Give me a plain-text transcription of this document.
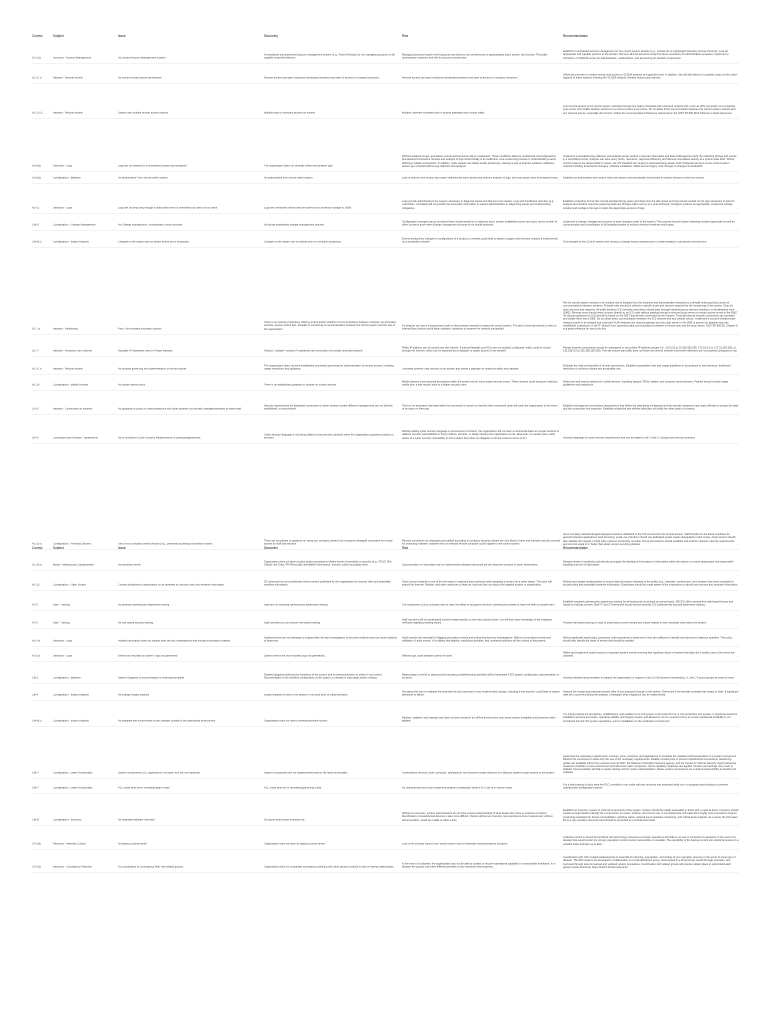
Control	Subject	Issue	Discovery	Risk	Recommendation
AC-2(1)	Accounts - Account Management	No Central Account Management System
A centralized and authorized account management system (e.g., Active Directory) is not managing accounts on all capable networked devices.
Managing local and system level accounts can become too cumbersome to appropriately audit, secure, and monitor. This adds unnecessary exposure and risk for account compromise.
Establish a centralized account management for the control system devices (e.g., include AD or Lightweight Directory Access Protocol). Lock all appropriate and capable systems to the domain. Remove all local accounts except for those necessary for administrative purposes. Implement a TACACS+ or RADIUS server for authentication, authorization, and accounting for network components.
AC-17.a	Network - Remote Access	No secure remote access architecture	Remote access can grant malicious individuals persistent and ease of access to company resources.	Remote access can grant malicious individuals persistent and ease of access to company resources.
Utilize jump servers to restrict remote and access to SCADA systems at a granular level. In addition, this will also allow for complete control of the cyber-hygiene of these systems entering the SCADA network, thereby reduce jump servers.
AC-17(1)	Network - Remote Access	System has multiple remote access options	Multiple ways to remotely access the system	Multiple channels increases both in access pathways and monitor traffic.
Limit remote access to the control system networks through one highly controlled and monitored network path, such as VPN connection to a corporate jump server and enable desktop sessions to a control system jump server. Do not allow direct communication between the control system network and any external source, especially the Internet. Follow the recommended architecture referenced in the NIST SP 800-82r3 Defense in depth document.
AU-6(3)	Detection - Logs	Logs are not retained in a centralized location and analyzed.	The organization does not centrally collect and analyze logs
Without analysis of logs, anomalous events and intrusions will go undetected. These conditions allow for undetected misconfigurations and advanced intrusions. Review and analysis of logs stored locally is an ineffective, time-consuming process in understanding events affecting multiple components. In addition, cyber attacks can delete locally stored logs, causing a loss of forensic evidence. Malicious actions go unnoticed without log collection and analysis.
Implement a centralized log collection and analysis server (and/or a Security Information and Event Management tool). By collecting all logs and events in a centralized server, analysts can save many hours, resources, response efficiency, and discover anomalous activity at a system-wide level. Where control systems are deterministic in nature, the OS standard can simply be observed being aware of all configured services on the control system network including all accounts changes, software installation, failed account logins, and changes to changes to bandwidth.
AU-8(1)	Configuration - Baseline	No Authoritative Time Source within system.	No authoritative time source within system.	Lack of uniform time source can create inefficiencies when performing forensic analysis of logs, and may cause other time-based issues.	Establish an authoritative time source within the system and periodically synchronize all system devices to that time source.
AU-11	Detection - Logs	Logs are not kept long enough or data within them is overwritten too fast to be of value	Logs are overwritten before they are saved to an off-device storage or SIEM
Logs provide administrators the support necessary to diagnose issues and discover root causes. Logs with insufficient retention (e.g., overwritten, truncated) will not provide the necessary information to support administrators in diagnosing issues and implementing mitigations.
Establish a baseline of how fast normal activities fill log space and determine the disk space and time period needed on the logs necessary to perform analysis and incident response (typical periods are 90 days online and up to 1 year archived). Configure systems as appropriate. Implement storage solution and configure the logs to retain the appropriate amount of logs.
CM-3*	Configuration - Change Management	No Change management / configuration control process	No formal established change management process.
Configuration changes can go unnoticed when implemented by a malicious actor, system availability issues can occur, and a number of other concerns arise when change management process is not strictly enforced.
Implement a change management process to track changes made to the system. This process should include obtaining recipient approvals as well as communication and coordination of all impacted parties to enforce retention timelines and impact.
CM-4(1)	Configuration - Impact Analysis	Changes to the system are not tested before put in production	Changes to the system are not tested prior to running in production.
Events arising from changes to configuration of a product or network could lead to system outages and recovery impacts if implemented on a production network.	Test changes to the SCADA system and conduct a change impact analysis prior to implementation in production environment.
SC-7.a	Network - Partitioning	Poor / Non-existent boundary controls
There is no network protections offering control and/or visibility of communications between networks. No boundary controls, access control lists, firewalls or monitoring of communications between the control system and the rest of the organization.
An attacker can use a compromised node on the business network to exploit the control system. The lack of internal network to with no internal flow controls would allow malware / attackers to traverse the network unimpeded.
Put the control system network in an enclave that is isolated from the business and administrative networks by a firewall enforcing strict control of communications between systems. Firewall rules should be refined to specific hosts and services required for the functioning of the system. Drop all other services and requests. All traffic between ICS networks and others should pass through hardened proxy devices residing in a demilitarized zone (DMZ). Remote users should never connect directly to an ICS node without passing through a secured jump server or remote access server in the DMZ. All security guidance for ICS should be based on the NIST and directly connected via the Internet. Treat all external network connections as untrusted and isolate them into a DMZ. Do not allow direct communication between the ICS network and any outside source. Implement a secured virtual private network tunnel or an isolated and protected VLAN between the network gateway and the jump server in the DMZ to prevent an attacker who has established a presence on the IT network from accessing data communications between a remote user and the jump server. NIST SP 800-82, Chapter 6, is a great reference for how to do this.
SC-7*	Network - Protection from Internet	Routable IP Addresses used in Private Network	Publicly "routable" network IP addresses are used within the private (internal) network.
Public IP address can be routed over the Internet. If internal firewalls and ACLs are not properly configured, traffic could be routed through the Internet, which can be exploited by an attacker to obtain access to the network.
Private network components should be reassigned to use private IP address ranges (i.e., 10.0.0.0 to 10.255.255.255, 172.16.0.0 to 172.31.255.255, or 192.168.0.0 to 192.168.255.255). This will ensure that traffic does not leave the internal network if perimeter defenses are not properly configured or fail.
AC-17.a	Network - Remote Access	No process governing the implementation of remote access
The organization does not have established processes governing the implementation of remote access, including usage restrictions and guidance.	Untrusted systems may connect to the system and create a pathway for malicious traffic and malware.
Evaluate the risks and benefits of remote connections. Establish acceptable rules and usage guidelines in accordance to risk tolerance. Implement restrictions to enforce policies and acceptable use.
AC-19	Configuration - Mobile Devices	No mobile device policy	There is no established guidance or policies for mobile devices.
Mobile devices cross physical boundaries within the system and in some cases security zones. These devices could transport malicious media from a less secure zone to a higher security zone.
Determine and enforce policies for mobile devices, including laptops, PDAs, tablets, and company issued phones. Policies should include usage guidelines and restrictions.
CA-3*	Network - Connections to systems	No guidance or policy on interconnections with other systems not formally managed/operated by same staff.
Security requirements for dedicated connections to other systems (under different management) are not defined, established, or documented.
There is no assurance that data within the connection is secure or that the other connected party will notify the organization in the event of an issue on their part.
Establish and approve connections requirements that define the data being exchanged and the security measures each party will take to protect the data and the connection limit exposure. Establish a baseline that defines what they will notify the other party of a breach.
SA-4*	Contractors and Vendors - Agreements	No or Insufficient Cyber Security Requirements in contracts/agreements
Cyber security language is not being added to procurement contracts when the organization acquires products or services.
Without adding cyber security language to procurement contracts, the organization will not have a contractual basis to compel vendors to address security vulnerabilities in their products, services, or design leaving the organization at risk. (Example: If a vendor were made aware of a cyber security vulnerability in their product they have no obligation to let the customer know to fix.)	Develop language for cyber security requirements that can be added to all IT and OT product and service contracts.
Control	Subject	Issue	Discovery	Risk	Recommendation
AC-20.a	Configuration - Personal Devices	Use of non company owned devices (e.g., personal) accessing information system.
There are no policies or guidance on using non company owned (non company managed) computers for remote access by staff and vendors.
Remote computers not managed and audited according to company security policies are very likely to have and maintain security controls for protecting malware; malware from an infected remote computer could migrate to the control system.
Issue company owned/managed laptops/computers dedicated to the ICS environment for remote access. Staff should not use those machines for general business applications (web browsing, email, etc.) Vendors should use dedicated assets assets designated in their scope. Asset owners should also validate the integrity of third party systems connecting remotely. These connections should establish and enforce minimum security requirements and controls equal to or better than asset owners security guidance.
AC-16.a	Media - Marking and Categorization	No sensitivity levels
Organization does not have a policy and/or procedure to define levels of sensitivity or security (e.g., FOUO (For Official Use Only), PII (Personally Identifiable Information), Internal, public) and apply them.	Documentation or information can be inadvertently released that would aid the discovery process of cyber adversaries.
Develop levels of sensitivity and security and apply the labeling of information to information within the system to ensure appropriate and responsible handling and use of information.
AC-22*	Configuration - Open Source	Content published by organization is not reviewed for security risks and sensitive information
OT personnel do not consistently review content published by the organization for security risks and potentially sensitive information.
Open source research is one of the first steps a malicious actor performs when targeting a system for a cyber attack. The actor will search the Internet, Shodan, and other resources to learn as much as they can about the targeted system or organization.
Review and update media policies to ensure that information released to the public (e.g., websites, conferences, and vendors) has been reviewed for security risks and potentially sensitive information. Employees should be made aware of the importance to identify and remove any sensitive information.
AT-2*	Staff - Training	No general cybersecurity awareness training	Staff are not receiving cybersecurity awareness training.	The employees of your company will not have the ability to recognize common cybersecurity threats or have the skills to handle them.
Establish required cybersecurity awareness training for all employees on at least an annual basis. SECOC offers several free web-based lecture and hands-on training courses. Both IT and OT personnel should receive periodic ICS cybersecurity focused awareness training.
AT-3*	Staff - Training	No role based security training	Staff members do not receive role based training.
Staff members will not understand current threats specific to their role and job duties, nor will they have knowledge of the mitigation methods regarding existing issues.	Provide role based training for staff to understand current threats and issues related to their individual roles within the system.
AU-3.a	Detection - Logs	Audited information does not support after the fact investigations that enough information retained.
Audited events are not adequate to support after the fact investigations of security incidents and root cause analysis of downtime.
Audit records are essential for flagging anomalous events and performing forensic investigations. Without a formalized review and validation of audit events, it is unlikely that attacks, suspicious activities, and undesired activities will be noticed or discovered.
Revise applicable audit policy, processes, and procedures to determine if they are sufficient to identify and document malicious activities. The policy should also identify the types of events that should be audited.
AU-2.a	Detection - Logs	Events not recorded by system / logs not generated	System events are not recorded (logs not generated).	Without logs, audit analysis cannot be done.
Define and implement audit records for important system events ensuring that significant items of interest that allow for a holistic view of the event are captured.
CM-2	Configuration - Baseline	System Diagrams & documentation is missing/incomplete.
Detailed diagrams defining the interfaces of the system and its interconnections to others is not current. Documentation of the baseline configuration of the system or network is inaccurate and/or missing.
Responding to events or planning and executing troubleshooting activities will be hampered if ICS system configuration documentation is incorrect.	Develop detailed documentation to support the organization in support of the SCADA systems architecting, IT, and OT group groups as need to know.
CM-4	Configuration - Impact Analysis	No change impact analysis.	Impact analysis of risks to the system is not done prior to implementation.
Not taking the time to evaluate the potential risk and outcomes of any implemented change, including a test process, could lead to system downtime or failure.
Analyze the impact and potential security risks of any proposed change to the system. Determine if the benefits outweigh the impact or risks. If significant risks are uncovered during the analysis, investigate what mitigations can be implemented.
CM-4(1)	Configuration - Impact Analysis	No separate test environment to test changes outside of the operational environment.	Organization does not have a development/test system.
Patches, updates, and changes that have not been tested in an off-line environment may cause system instability and downtime when applied.
It is a best practice for all patches, modifications, and updates to an ICS system to be tested first on a non-production test system. It should be tested for installation process anomalies, operating stability and integrity issues, and allowed to run for a period of time to ensure operational instability is not introduced into the ICS system operations, prior to installation on the production environment.
CM-7*	Configuration - Least Functionality	System components (OS, applications, firmware, etc) are not hardened.	System components are not hardened/restricted to the least functionality.	Unnecessary services, ports, protocols, applications, and functions create avenues for malicious parties to gain access to the system.
Determine the necessary requirements, services, ports, protocols, and applications to complete the needed functions/operation of a system component. Restrict the component to allow only the use of the necessary requirements. Disable unused ports to prevent unauthorized connections. Hardening guides are available online from sources such as NIST, the Defense Information Systems Agency, and the Center for Internet Security. Apply hardening measures carefully in a test environment and document each component. Some capability measures are applied, function and settings may revert to defaults. Documentation will help re-apply settings and for system administration. Newer system components are a shared responsibility to identify and evaluate.
CM-7*	Configuration - Least Functionality	PLC mode keys left in remote/program mode.	PLC mode keys left in remote/programming mode.	An unauthorized user could implement program modification while a PLC key is in remote mode.
It is a best practice to only have the PLC controller in run mode with key removed and protected while not in a programming evolution to prevent unauthorized configuration access.
CM-8*	Configuration - Inventory	No hardware/software Inventory	No documented asset inventory list.
Without an inventory, system administrators do not have a clear understanding of what assets they have to maintain or protect. Identification of unauthorized devices is also more difficult. Owners without an inventory may experience loss of assets and, without documentation, would be unable to claim a loss.
Establish an inventory system to track all components of the system. System should be readily accessible to those with a need-to-know. Inventory should contain enough detail to identify the components, its owner, location, and current use. A comprehensive ICS asset list is highly recommended to support continuing evaluation for known vulnerabilities, patching status, network communication monitoring, and critical asset analysis. As a result, the ICS asset list is a very sensitive document and should be protected as a critical asset itself.
CP-2(5)	Recovery - Alternate Control	No backup control center	Organization does not have an backup control center.	Loss of the primary control room would result in loss of essential mission/business functions.
A backup control is should be furnished with technology resources to recover operations with little to no loss in continuity of operations in the event of a disaster that would render the primary operations control center inaccessible or unusable. The operability of the backup control site should be tested on a periodic basis and kept up to date.
CP-2(1)	Recovery - Contingency Planning	No coordination of Contingency Plan with related groups.	Organization does not coordinate contingency planning with other groups involved in plan or having related plans.
In the event of a disaster, the organization may not be able to sustain or recover operational capability in a reasonable timeframe. In a disaster the groups may have different priorities or key resources that response.
Coordination with other related parties/groups is essential for planning, preparation, and testing of your operation recovery in the event of some type of disaster. The IDP needs to be developed in collaboration of a multi-disciplined group, documented in a living format, tested through exercises, and improved through lessons learned and updated system procedures. Coordination with related groups will prepare related plans to understand each groups needs and better help prioritize limited resources.
